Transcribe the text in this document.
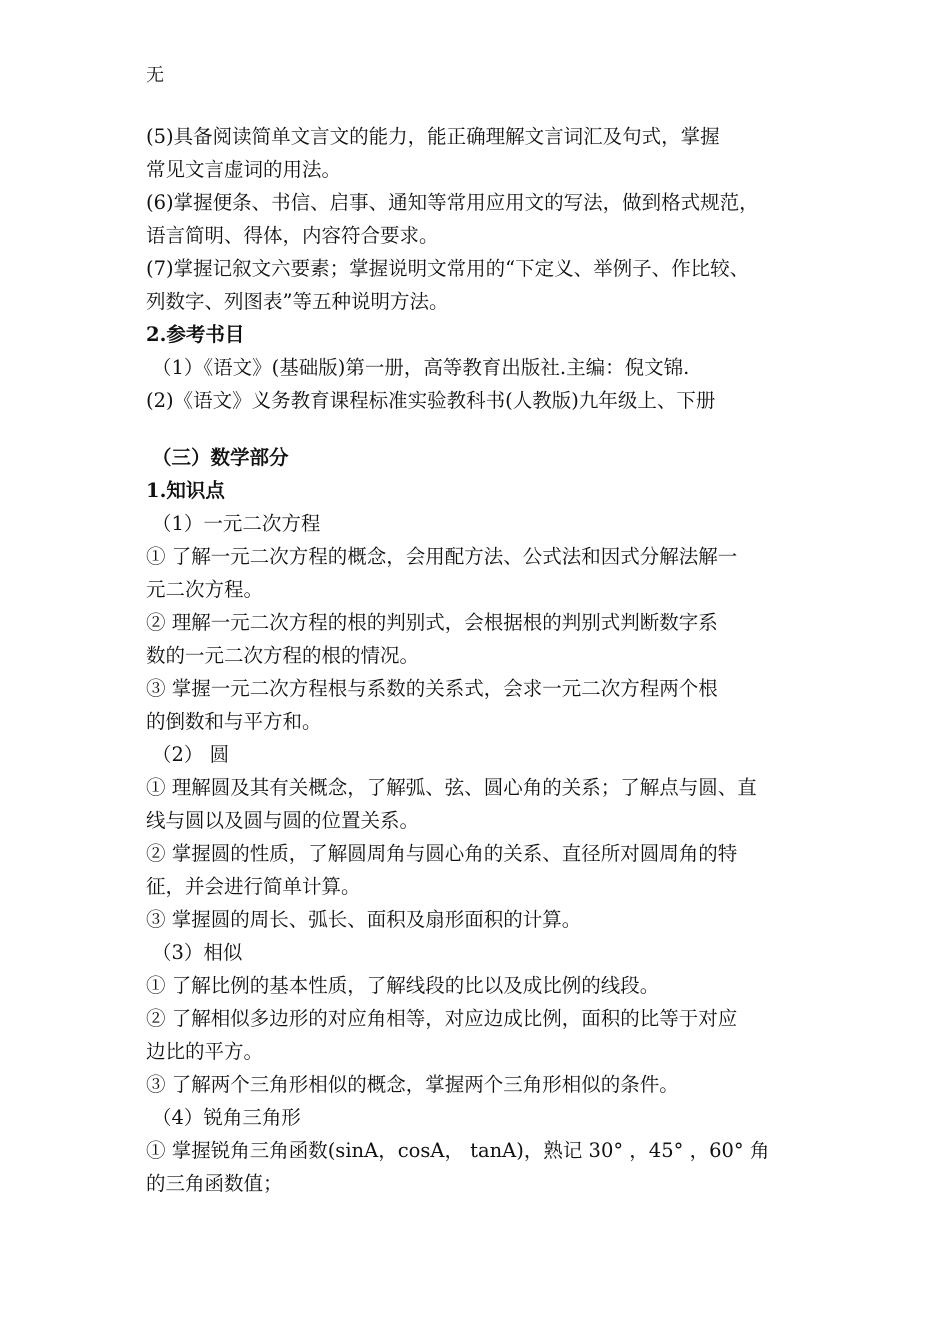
无
(5)具备阅读简单文言文的能力，能正确理解文言词汇及句式，掌握
常见文言虚词的用法。
(6)掌握便条、书信、启事、通知等常用应用文的写法，做到格式规范，
语言简明、得体，内容符合要求。
(7)掌握记叙文六要素；掌握说明文常用的“下定义、举例子、作比较、
列数字、列图表”等五种说明方法。
2.参考书目
（1）《语文》(基础版)第一册，高等教育出版社.主编：倪文锦.
(2)《语文》义务教育课程标准实验教科书(人教版)九年级上、下册
（三）数学部分
1.知识点
（1）一元二次方程
① 了解一元二次方程的概念，会用配方法、公式法和因式分解法解一
元二次方程。
② 理解一元二次方程的根的判别式，会根据根的判别式判断数字系
数的一元二次方程的根的情况。
③ 掌握一元二次方程根与系数的关系式，会求一元二次方程两个根
的倒数和与平方和。
（2） 圆
① 理解圆及其有关概念，了解弧、弦、圆心角的关系；了解点与圆、直
线与圆以及圆与圆的位置关系。
② 掌握圆的性质，了解圆周角与圆心角的关系、直径所对圆周角的特
征，并会进行简单计算。
③ 掌握圆的周长、弧长、面积及扇形面积的计算。
（3）相似
① 了解比例的基本性质，了解线段的比以及成比例的线段。
② 了解相似多边形的对应角相等，对应边成比例，面积的比等于对应
边比的平方。
③ 了解两个三角形相似的概念，掌握两个三角形相似的条件。
（4）锐角三角形
① 掌握锐角三角函数(sinA，cosA， tanA)，熟记 30° ，45° ，60° 角
的三角函数值；
